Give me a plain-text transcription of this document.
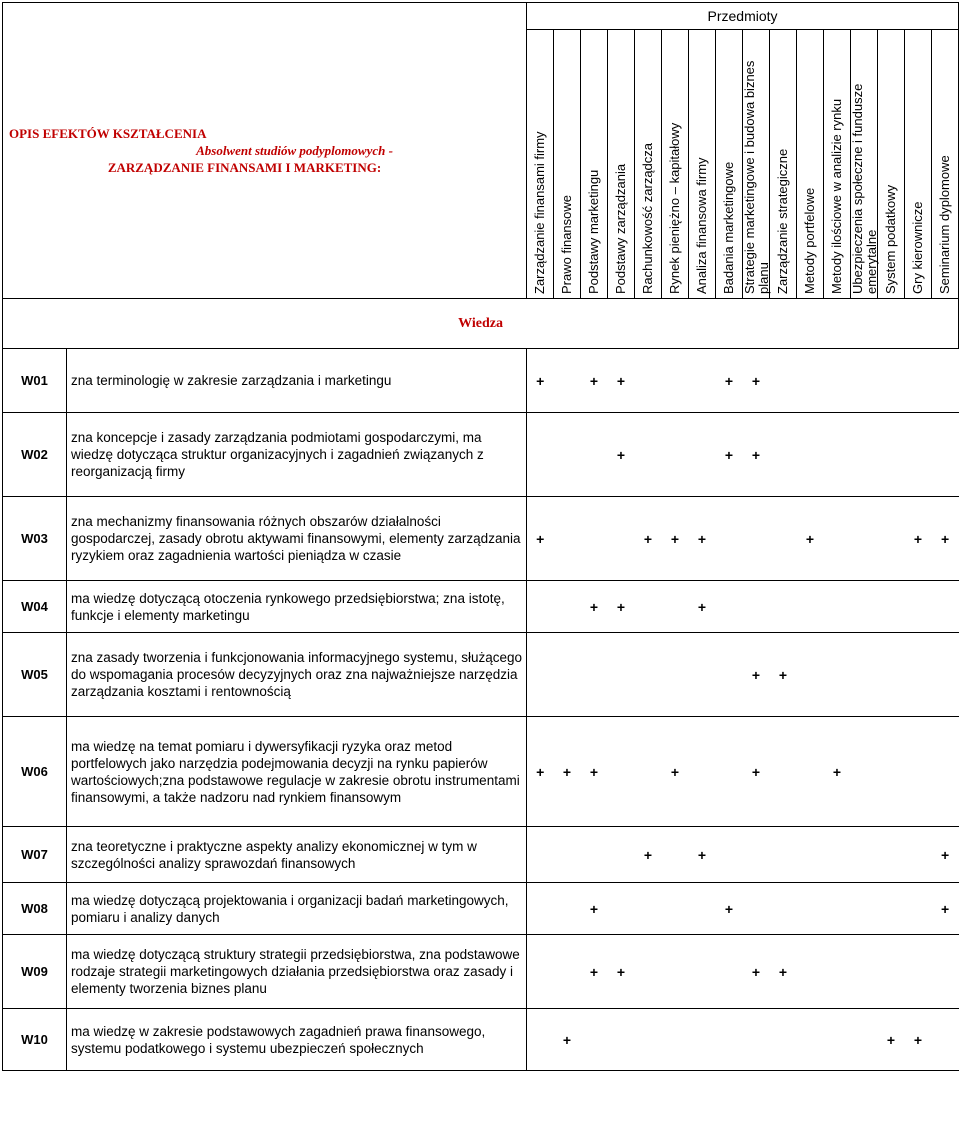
OPIS EFEKTÓW KSZTAŁCENIA
Absolwent studiów podyplomowych -
ZARZĄDZANIE FINANSAMI I MARKETING:		Przedmioty															

		Zarządzanie finansami firmy	Prawo finansowe	Podstawy marketingu	Podstawy zarządzania	Rachunkowość zarządcza	Rynek pieniężno – kapitałowy	Analiza finansowa firmy	Badania marketingowe	Strategie marketingowe i budowa biznes planu	Zarządzanie strategiczne	Metody portfelowe	Metody ilościowe w analizie rynku	Ubezpieczenia społeczne i fundusze emerytalne	System podatkowy	Gry kierownicze	Seminarium dyplomowe

Wiedza																	
W01	zna terminologię w zakresie zarządzania i marketingu	+		+	+				+	+							
W02	zna koncepcje i zasady zarządzania podmiotami gospodarczymi, ma wiedzę dotycząca struktur organizacyjnych i zagadnień związanych z reorganizacją firmy				+				+	+							
W03	zna mechanizmy finansowania różnych obszarów działalności gospodarczej, zasady obrotu aktywami finansowymi, elementy zarządzania ryzykiem oraz zagadnienia wartości pieniądza w czasie	+				+	+	+				+				+	+
W04	ma wiedzę dotyczącą otoczenia rynkowego przedsiębiorstwa; zna istotę, funkcje i elementy marketingu			+	+			+									
W05	zna zasady tworzenia i funkcjonowania informacyjnego systemu, służącego do wspomagania procesów decyzyjnych oraz zna najważniejsze narzędzia zarządzania kosztami i rentownością									+	+						
W06	ma wiedzę na temat pomiaru i dywersyfikacji ryzyka oraz metod portfelowych jako narzędzia podejmowania decyzji na rynku papierów wartościowych;zna podstawowe regulacje w zakresie obrotu instrumentami finansowymi, a także nadzoru nad rynkiem finansowym	+	+	+			+			+			+				
W07	zna teoretyczne i praktyczne aspekty analizy ekonomicznej w tym w szczególności analizy sprawozdań finansowych					+		+									+
W08	ma wiedzę dotyczącą projektowania i organizacji badań marketingowych, pomiaru i analizy danych			+					+								+
W09	ma wiedzę dotyczącą struktury strategii przedsiębiorstwa, zna podstawowe rodzaje strategii marketingowych działania przedsiębiorstwa oraz zasady i elementy tworzenia biznes planu			+	+					+	+						
W10	ma wiedzę w zakresie podstawowych zagadnień prawa finansowego, systemu podatkowego i systemu ubezpieczeń społecznych		+												+	+	
